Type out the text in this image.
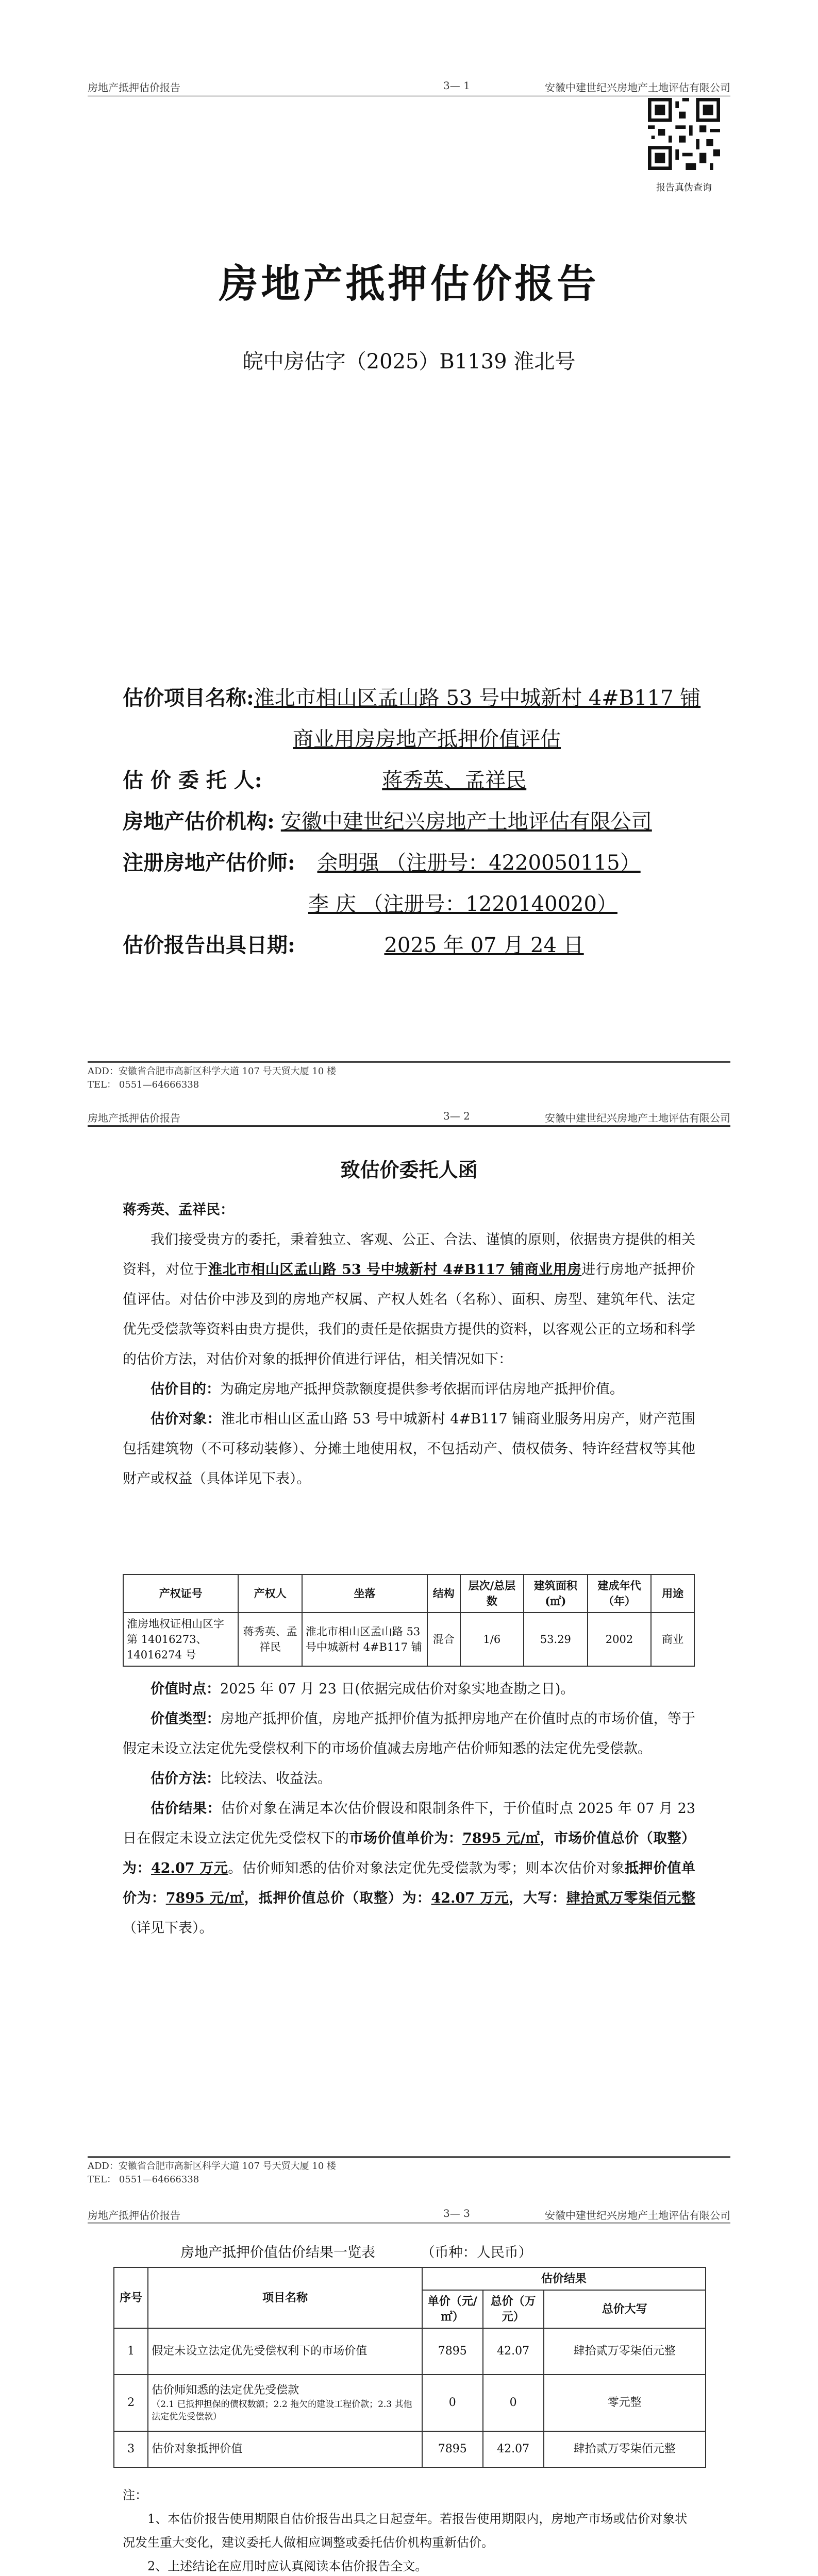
房地产抵押估价报告	3— 1	安徽中建世纪兴房地产土地评估有限公司
报告真伪查询
房地产抵押估价报告
皖中房估字（2025）B1139 淮北号
估价项目名称:淮北市相山区孟山路 53 号中城新村 4#B117 铺
商业用房房地产抵押价值评估
估 价 委 托 人:	蒋秀英、孟祥民
房地产估价机构: 安徽中建世纪兴房地产土地评估有限公司
注册房地产估价师: 余明强 （注册号：4220050115）
李 庆 （注册号：1220140020）
估价报告出具日期:	2025 年 07 月 24 日
ADD：安徽省合肥市高新区科学大道 107 号天贸大厦 10 楼
TEL： 0551—64666338
房地产抵押估价报告	3— 2	安徽中建世纪兴房地产土地评估有限公司
致估价委托人函

蒋秀英、孟祥民：

我们接受贵方的委托，秉着独立、客观、公正、合法、谨慎的原则，依据贵方提供的相关资料，对位于淮北市相山区孟山路 53 号中城新村 4#B117 铺商业用房进行房地产抵押价值评估。对估价中涉及到的房地产权属、产权人姓名（名称）、面积、房型、建筑年代、法定优先受偿款等资料由贵方提供，我们的责任是依据贵方提供的资料，以客观公正的立场和科学的估价方法，对估价对象的抵押价值进行评估，相关情况如下：

估价目的：为确定房地产抵押贷款额度提供参考依据而评估房地产抵押价值。

估价对象：淮北市相山区孟山路 53 号中城新村 4#B117 铺商业服务用房产，财产范围包括建筑物（不可移动装修）、分摊土地使用权，不包括动产、债权债务、特许经营权等其他财产或权益（具体详见下表）。

产权证号	产权人	坐落	结构	层次/总层数	建筑面积(㎡)	建成年代（年）	用途
淮房地权证相山区字第 14016273、14016274 号	蒋秀英、孟祥民	淮北市相山区孟山路 53 号中城新村 4#B117 铺	混合	1/6	53.29	2002	商业

价值时点：2025 年 07 月 23 日(依据完成估价对象实地查勘之日)。

价值类型：房地产抵押价值，房地产抵押价值为抵押房地产在价值时点的市场价值，等于假定未设立法定优先受偿权利下的市场价值减去房地产估价师知悉的法定优先受偿款。

估价方法：比较法、收益法。

估价结果：估价对象在满足本次估价假设和限制条件下，于价值时点 2025 年 07 月 23 日在假定未设立法定优先受偿权下的市场价值单价为：7895 元/㎡，市场价值总价（取整）为：42.07 万元。估价师知悉的估价对象法定优先受偿款为零；则本次估价对象抵押价值单价为：7895 元/㎡，抵押价值总价（取整）为：42.07 万元，大写：肆拾贰万零柒佰元整（详见下表）。

ADD：安徽省合肥市高新区科学大道 107 号天贸大厦 10 楼
TEL： 0551—64666338
房地产抵押估价报告	3— 3	安徽中建世纪兴房地产土地评估有限公司
房地产抵押价值估价结果一览表	（币种：人民币）
序号	项目名称	估价结果		
		单价（元/㎡）	总价（万元）	总价大写
1	假定未设立法定优先受偿权利下的市场价值	7895	42.07	肆拾贰万零柒佰元整
2	估价师知悉的法定优先受偿款
（2.1 已抵押担保的债权数额；2.2 拖欠的建设工程价款；2.3 其他法定优先受偿款）	0	0	零元整
3	估价对象抵押价值	7895	42.07	肆拾贰万零柒佰元整

注：

1、本估价报告使用期限自估价报告出具之日起壹年。若报告使用期限内，房地产市场或估价对象状况发生重大变化，建议委托人做相应调整或委托估价机构重新估价。

2、上述结论在应用时应认真阅读本估价报告全文。
